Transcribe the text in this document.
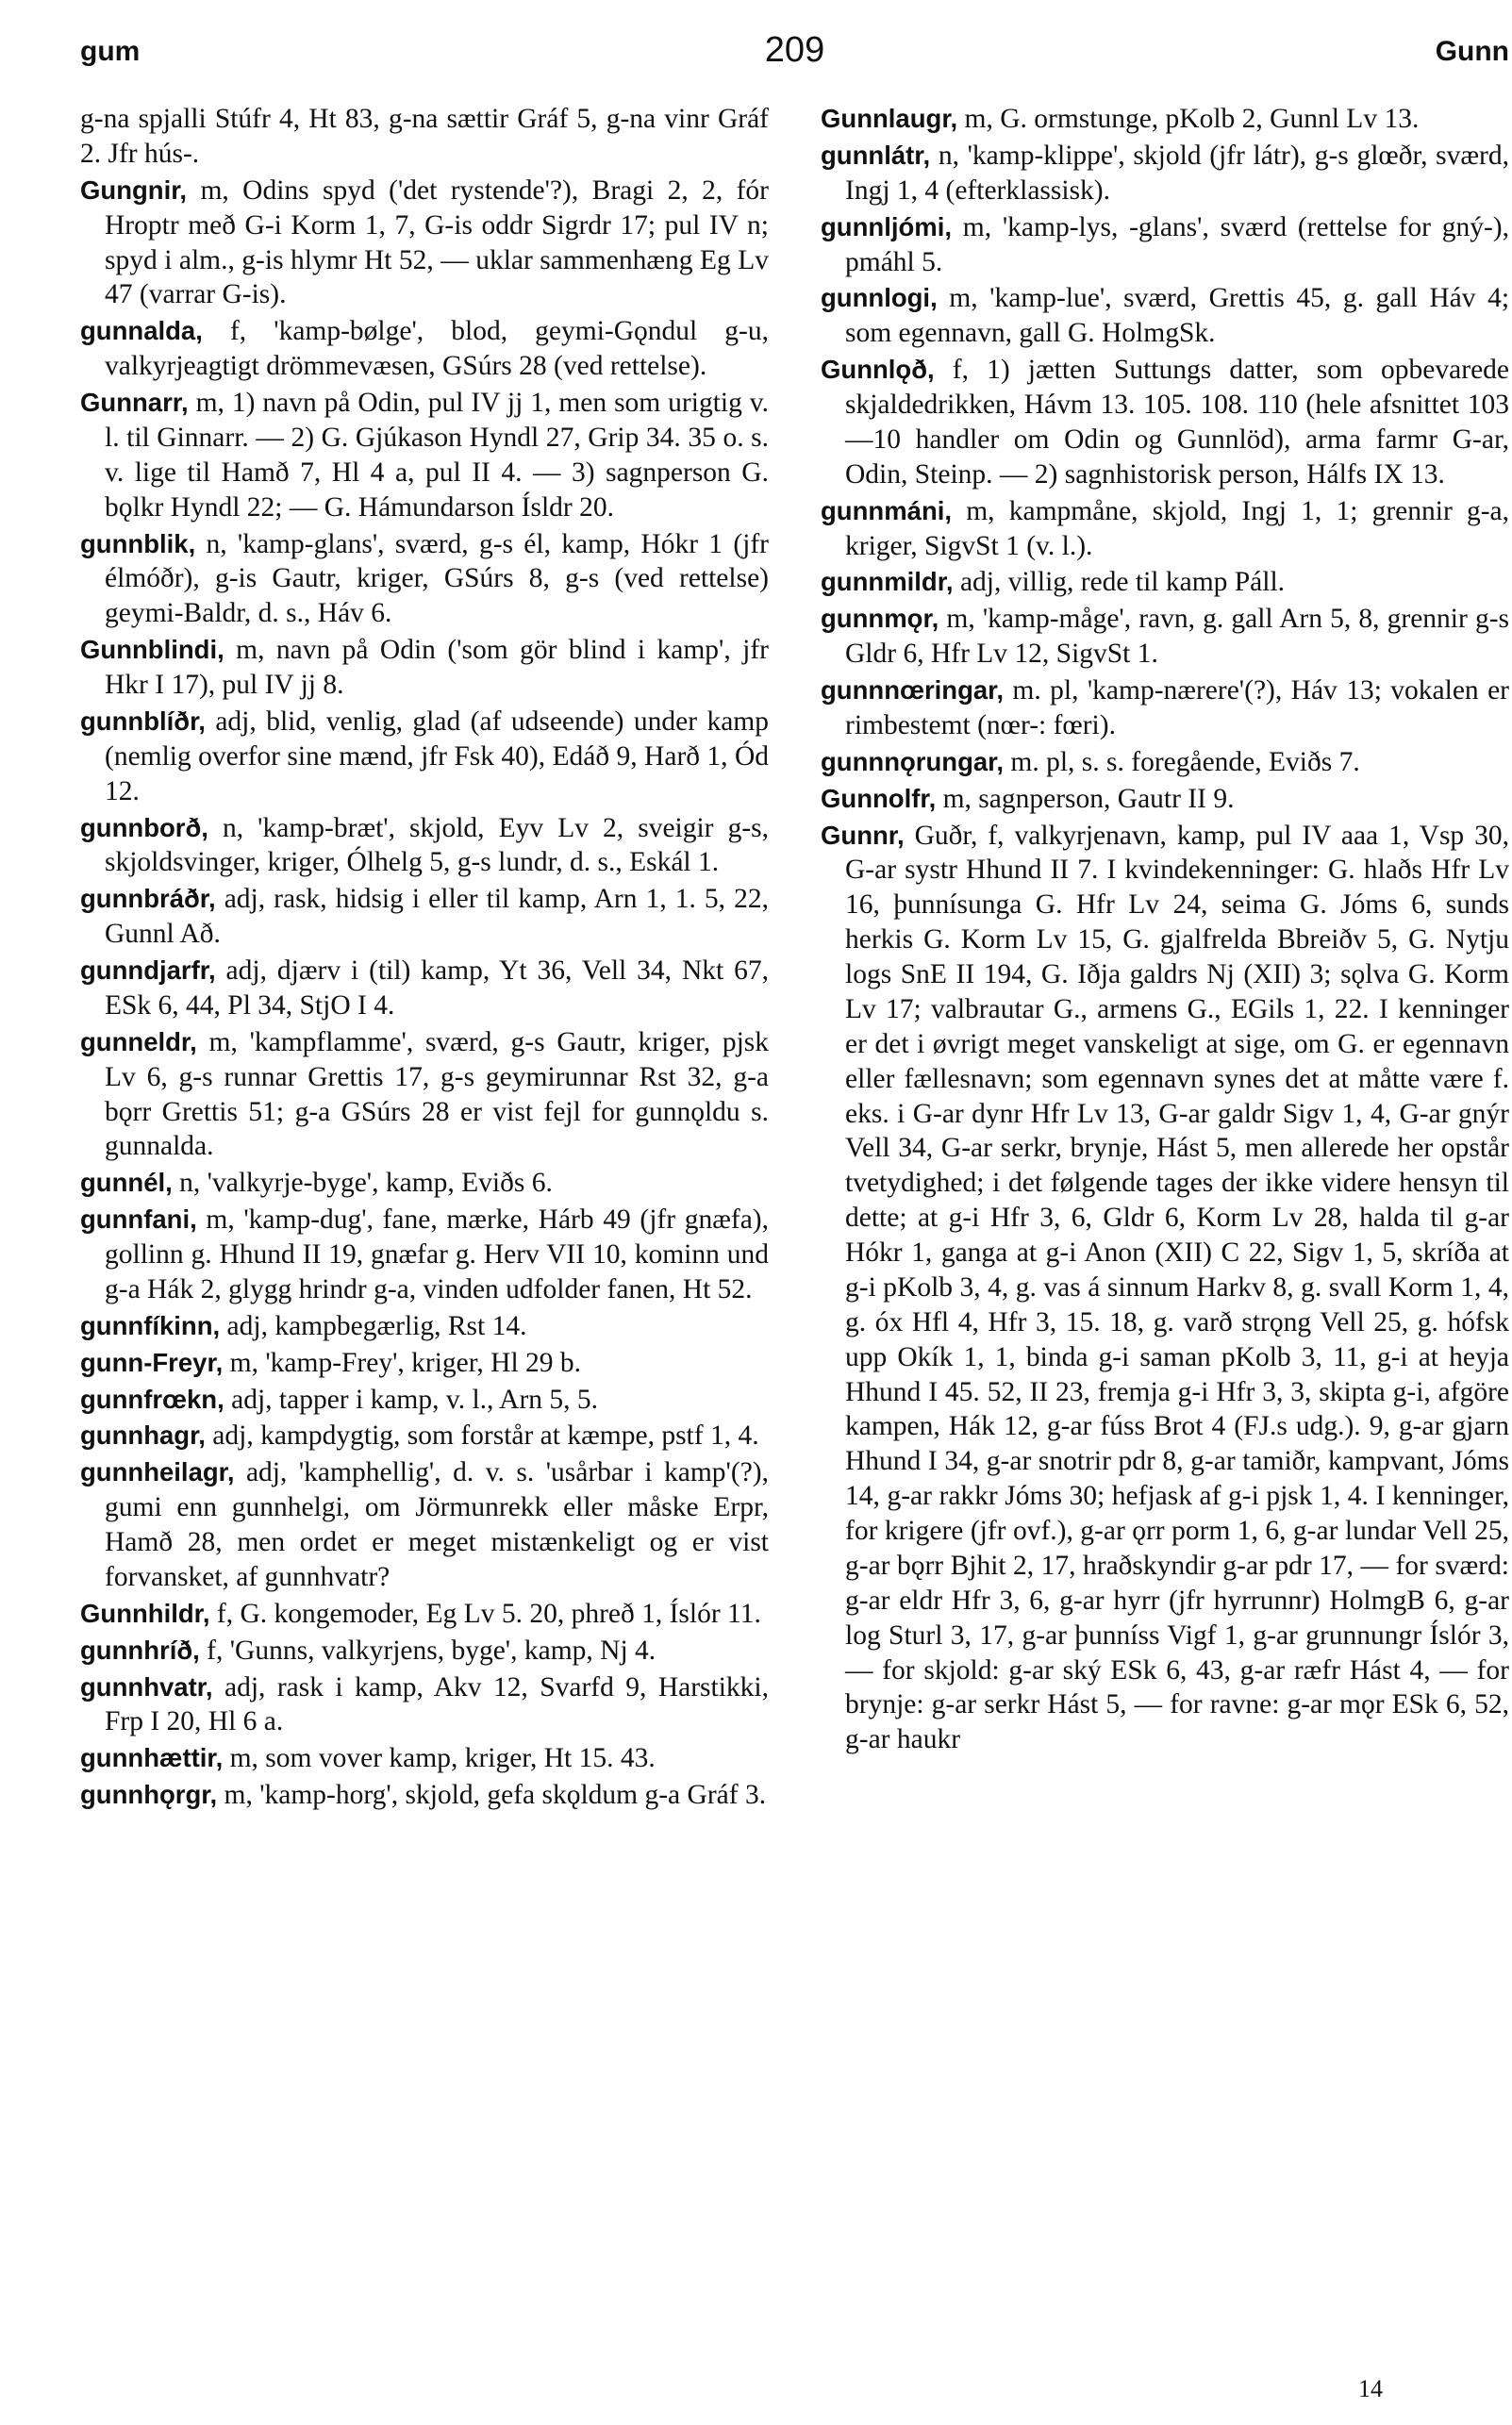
gum	209	Gunn

g-na spjalli Stúfr 4, Ht 83, g-na sættir Gráf 5, g-na vinr Gráf 2. Jfr hús-.

Gungnir, m, Odins spyd ('det rystende'?), Bragi 2, 2, fór Hroptr með G-i Korm 1, 7, G-is oddr Sigrdr 17; pul IV n; spyd i alm., g-is hlymr Ht 52, — uklar sammenhæng Eg Lv 47 (varrar G-is).

gunnalda, f, 'kamp-bølge', blod, geymi-Gǫndul g-u, valkyrjeagtigt drömmevæsen, GSúrs 28 (ved rettelse).

Gunnarr, m, 1) navn på Odin, pul IV jj 1, men som urigtig v. l. til Ginnarr. — 2) G. Gjúkason Hyndl 27, Grip 34. 35 o. s. v. lige til Hamð 7, Hl 4 a, pul II 4. — 3) sagnperson G. bǫlkr Hyndl 22; — G. Hámundarson Ísldr 20.

gunnblik, n, 'kamp-glans', sværd, g-s él, kamp, Hókr 1 (jfr élmóðr), g-is Gautr, kriger, GSúrs 8, g-s (ved rettelse) geymi-Baldr, d. s., Háv 6.

Gunnblindi, m, navn på Odin ('som gör blind i kamp', jfr Hkr I 17), pul IV jj 8.

gunnblíðr, adj, blid, venlig, glad (af udseende) under kamp (nemlig overfor sine mænd, jfr Fsk 40), Edáð 9, Harð 1, Ód 12.

gunnborð, n, 'kamp-bræt', skjold, Eyv Lv 2, sveigir g-s, skjoldsvinger, kriger, Ólhelg 5, g-s lundr, d. s., Eskál 1.

gunnbráðr, adj, rask, hidsig i eller til kamp, Arn 1, 1. 5, 22, Gunnl Að.

gunndjarfr, adj, djærv i (til) kamp, Yt 36, Vell 34, Nkt 67, ESk 6, 44, Pl 34, StjO I 4.

gunneldr, m, 'kampflamme', sværd, g-s Gautr, kriger, pjsk Lv 6, g-s runnar Grettis 17, g-s geymirunnar Rst 32, g-a bǫrr Grettis 51; g-a GSúrs 28 er vist fejl for gunnǫldu s. gunnalda.

gunnél, n, 'valkyrje-byge', kamp, Eviðs 6.

gunnfani, m, 'kamp-dug', fane, mærke, Hárb 49 (jfr gnæfa), gollinn g. Hhund II 19, gnæfar g. Herv VII 10, kominn und g-a Hák 2, glygg hrindr g-a, vinden udfolder fanen, Ht 52.

gunnfíkinn, adj, kampbegærlig, Rst 14.

gunn-Freyr, m, 'kamp-Frey', kriger, Hl 29 b.

gunnfrœkn, adj, tapper i kamp, v. l., Arn 5, 5.

gunnhagr, adj, kampdygtig, som forstår at kæmpe, pstf 1, 4.

gunnheilagr, adj, 'kamphellig', d. v. s. 'usårbar i kamp'(?), gumi enn gunnhelgi, om Jörmunrekk eller måske Erpr, Hamð 28, men ordet er meget mistænkeligt og er vist forvansket, af gunnhvatr?

Gunnhildr, f, G. kongemoder, Eg Lv 5. 20, phreð 1, Íslór 11.

gunnhríð, f, 'Gunns, valkyrjens, byge', kamp, Nj 4.

gunnhvatr, adj, rask i kamp, Akv 12, Svarfd 9, Harstikki, Frp I 20, Hl 6 a.

gunnhættir, m, som vover kamp, kriger, Ht 15. 43.

gunnhǫrgr, m, 'kamp-horg', skjold, gefa skǫldum g-a Gráf 3.

Gunnlaugr, m, G. ormstunge, pKolb 2, Gunnl Lv 13.

gunnlátr, n, 'kamp-klippe', skjold (jfr látr), g-s glœðr, sværd, Ingj 1, 4 (efterklassisk).

gunnljómi, m, 'kamp-lys, -glans', sværd (rettelse for gný-), pmáhl 5.

gunnlogi, m, 'kamp-lue', sværd, Grettis 45, g. gall Háv 4; som egennavn, gall G. HolmgSk.

Gunnlǫð, f, 1) jætten Suttungs datter, som opbevarede skjaldedrikken, Hávm 13. 105. 108. 110 (hele afsnittet 103—10 handler om Odin og Gunnlöd), arma farmr G-ar, Odin, Steinp. — 2) sagnhistorisk person, Hálfs IX 13.

gunnmáni, m, kampmåne, skjold, Ingj 1, 1; grennir g-a, kriger, SigvSt 1 (v. l.).

gunnmildr, adj, villig, rede til kamp Páll.

gunnmǫr, m, 'kamp-måge', ravn, g. gall Arn 5, 8, grennir g-s Gldr 6, Hfr Lv 12, SigvSt 1.

gunnnœringar, m. pl, 'kamp-nærere'(?), Háv 13; vokalen er rimbestemt (nœr-: fœri).

gunnnǫrungar, m. pl, s. s. foregående, Eviðs 7.

Gunnolfr, m, sagnperson, Gautr II 9.

Gunnr, Guðr, f, valkyrjenavn, kamp, pul IV aaa 1, Vsp 30, G-ar systr Hhund II 7. I kvindekenninger: G. hlaðs Hfr Lv 16, þunnísunga G. Hfr Lv 24, seima G. Jóms 6, sunds herkis G. Korm Lv 15, G. gjalfrelda Bbreiðv 5, G. Nytju logs SnE II 194, G. Iðja galdrs Nj (XII) 3; sǫlva G. Korm Lv 17; valbrautar G., armens G., EGils 1, 22. I kenninger er det i øvrigt meget vanskeligt at sige, om G. er egennavn eller fællesnavn; som egennavn synes det at måtte være f. eks. i G-ar dynr Hfr Lv 13, G-ar galdr Sigv 1, 4, G-ar gnýr Vell 34, G-ar serkr, brynje, Hást 5, men allerede her opstår tvetydighed; i det følgende tages der ikke videre hensyn til dette; at g-i Hfr 3, 6, Gldr 6, Korm Lv 28, halda til g-ar Hókr 1, ganga at g-i Anon (XII) C 22, Sigv 1, 5, skríða at g-i pKolb 3, 4, g. vas á sinnum Harkv 8, g. svall Korm 1, 4, g. óx Hfl 4, Hfr 3, 15. 18, g. varð strǫng Vell 25, g. hófsk upp Okík 1, 1, binda g-i saman pKolb 3, 11, g-i at heyja Hhund I 45. 52, II 23, fremja g-i Hfr 3, 3, skipta g-i, afgöre kampen, Hák 12, g-ar fúss Brot 4 (FJ.s udg.). 9, g-ar gjarn Hhund I 34, g-ar snotrir pdr 8, g-ar tamiðr, kampvant, Jóms 14, g-ar rakkr Jóms 30; hefjask af g-i pjsk 1, 4. I kenninger, for krigere (jfr ovf.), g-ar ǫrr porm 1, 6, g-ar lundar Vell 25, g-ar bǫrr Bjhit 2, 17, hraðskyndir g-ar pdr 17, — for sværd: g-ar eldr Hfr 3, 6, g-ar hyrr (jfr hyrrunnr) HolmgB 6, g-ar log Sturl 3, 17, g-ar þunníss Vigf 1, g-ar grunnungr Íslór 3, — for skjold: g-ar ský ESk 6, 43, g-ar ræfr Hást 4, — for brynje: g-ar serkr Hást 5, — for ravne: g-ar mǫr ESk 6, 52, g-ar haukr

14
